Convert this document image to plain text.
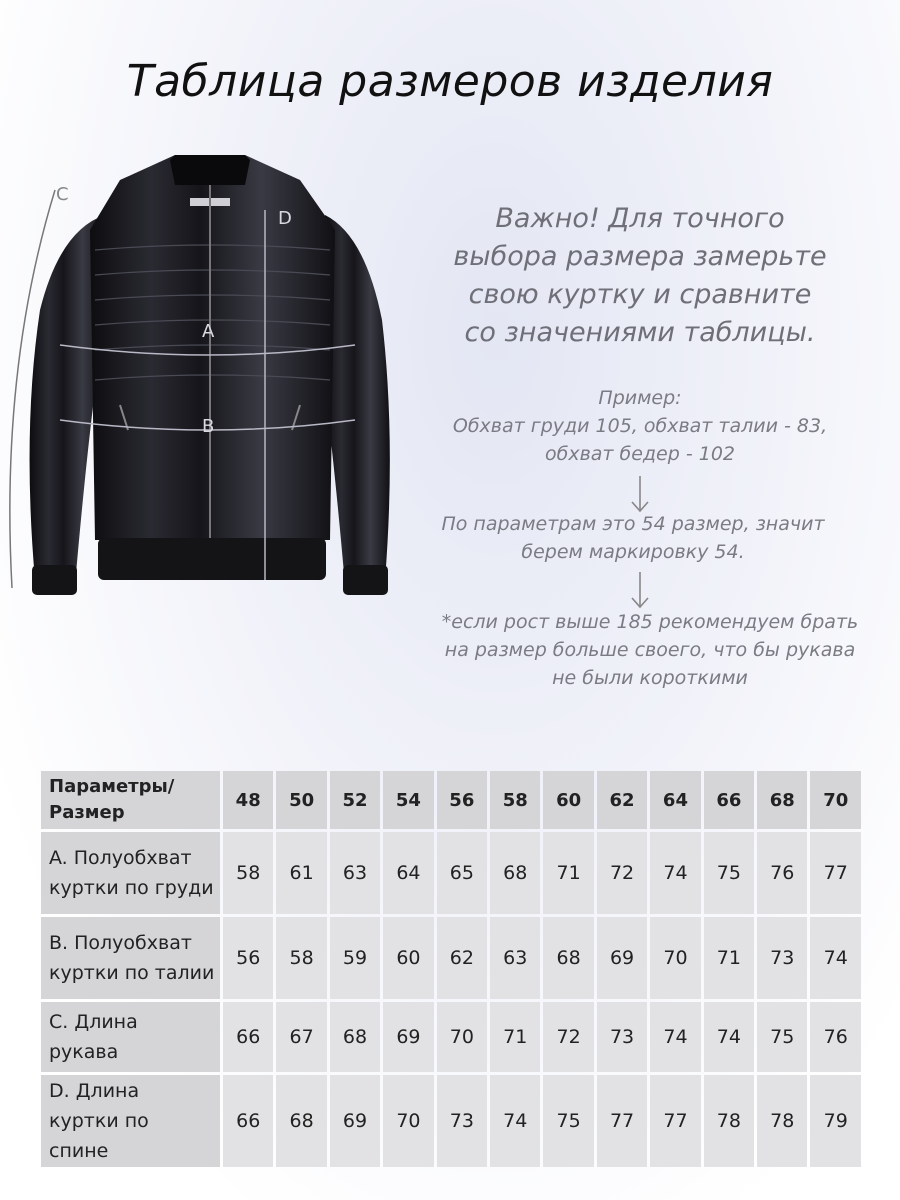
Таблица размеров изделия
C
A
B
D	Важно! Для точного
выбора размера замерьте
свою куртку и сравните
со значениями таблицы.
Пример:
Обхват груди 105, обхват талии - 83,
обхват бедер - 102
По параметрам это 54 размер, значит
берем маркировку 54.
*если рост выше 185 рекомендуем брать
на размер больше своего, что бы рукава
не были короткими
Параметры/
Размер	48	50	52	54	56	58	60	62	64	66	68	70
A. Полуобхват
куртки по груди	58	61	63	64	65	68	71	72	74	75	76	77
B. Полуобхват
куртки по талии	56	58	59	60	62	63	68	69	70	71	73	74
C. Длина
рукава	66	67	68	69	70	71	72	73	74	74	75	76
D. Длина
куртки по
спине	66	68	69	70	73	74	75	77	77	78	78	79
